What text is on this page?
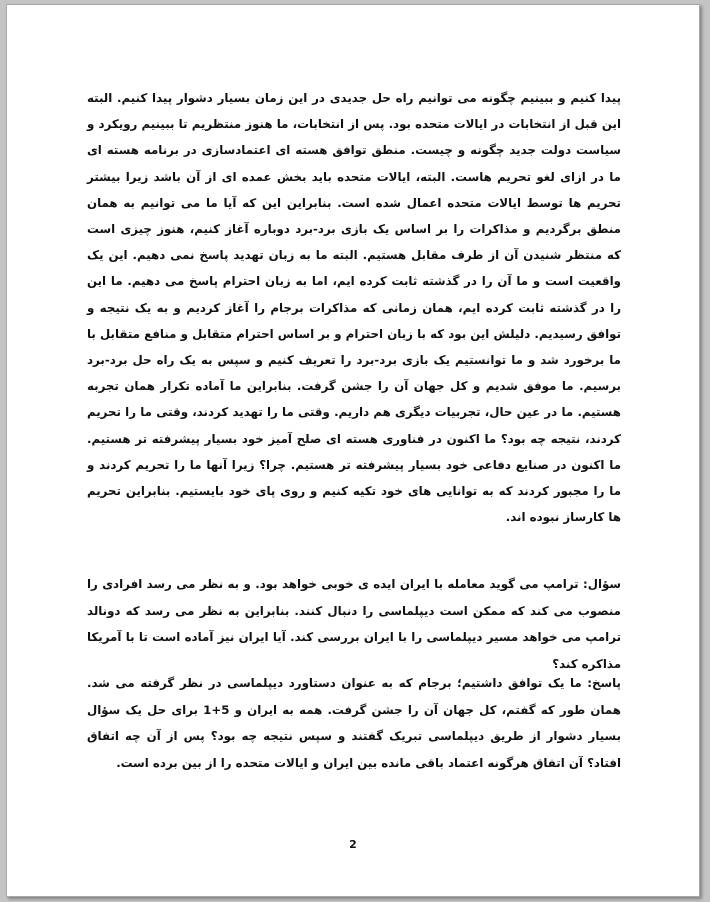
پیدا کنیم و ببینیم چگونه می توانیم راه حل جدیدی در این زمان بسیار دشوار پیدا کنیم. البته این قبل از انتخابات در ایالات متحده بود. پس از انتخابات، ما هنوز منتظریم تا ببینیم رویکرد و سیاست دولت جدید چگونه و چیست. منطق توافق هسته ای اعتمادسازی در برنامه هسته ای ما در ازای لغو تحریم هاست. البته، ایالات متحده باید بخش عمده ای از آن باشد زیرا بیشتر تحریم ها توسط ایالات متحده اعمال شده است. بنابراین این که آیا ما می توانیم به همان منطق برگردیم و مذاکرات را بر اساس یک بازی برد-برد دوباره آغاز کنیم، هنوز چیزی است که منتظر شنیدن آن از طرف مقابل هستیم. البته ما به زبان تهدید پاسخ نمی دهیم. این یک واقعیت است و ما آن را در گذشته ثابت کرده ایم، اما به زبان احترام پاسخ می دهیم. ما این را در گذشته ثابت کرده ایم، همان زمانی که مذاکرات برجام را آغاز کردیم و به یک نتیجه و توافق رسیدیم. دلیلش این بود که با زبان احترام و بر اساس احترام متقابل و منافع متقابل با ما برخورد شد و ما توانستیم یک بازی برد-برد را تعریف کنیم و سپس به یک راه حل برد-برد برسیم. ما موفق شدیم و کل جهان آن را جشن گرفت. بنابراین ما آماده تکرار همان تجربه هستیم. ما در عین حال، تجربیات دیگری هم داریم. وقتی ما را تهدید کردند، وقتی ما را تحریم کردند، نتیجه چه بود؟ ما اکنون در فناوری هسته ای صلح آمیز خود بسیار پیشرفته تر هستیم. ما اکنون در صنایع دفاعی خود بسیار پیشرفته تر هستیم. چرا؟ زیرا آنها ما را تحریم کردند و ما را مجبور کردند که به توانایی های خود تکیه کنیم و روی پای خود بایستیم. بنابراین تحریم ها کارساز نبوده اند.

سؤال: ترامپ می گوید معامله با ایران ایده ی خوبی خواهد بود. و به نظر می رسد افرادی را منصوب می کند که ممکن است دیپلماسی را دنبال کنند. بنابراین به نظر می رسد که دونالد ترامپ می خواهد مسیر دیپلماسی را با ایران بررسی کند. آیا ایران نیز آماده است تا با آمریکا مذاکره کند؟

پاسخ: ما یک توافق داشتیم؛ برجام که به عنوان دستاورد دیپلماسی در نظر گرفته می شد. همان طور که گفتم، کل جهان آن را جشن گرفت. همه به ایران و 5+1 برای حل یک سؤال بسیار دشوار از طریق دیپلماسی تبریک گفتند و سپس نتیجه چه بود؟ پس از آن چه اتفاق افتاد؟ آن اتفاق هرگونه اعتماد باقی مانده بین ایران و ایالات متحده را از بین برده است.

2
